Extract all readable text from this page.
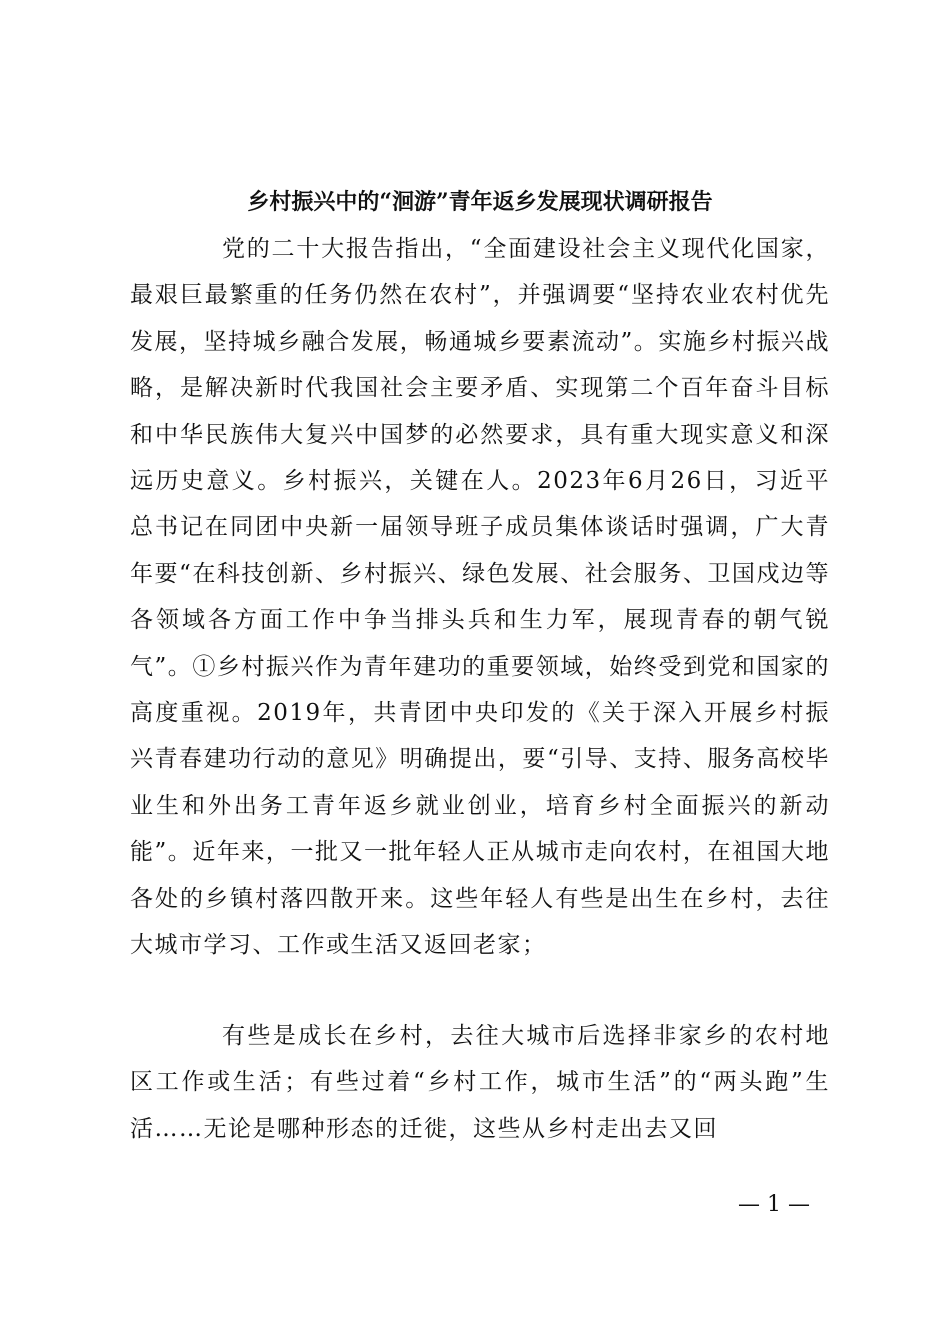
乡村振兴中的“洄游”青年返乡发展现状调研报告

党的二十大报告指出，“全面建设社会主义现代化国家，最艰巨最繁重的任务仍然在农村”，并强调要“坚持农业农村优先发展，坚持城乡融合发展，畅通城乡要素流动”。实施乡村振兴战略，是解决新时代我国社会主要矛盾、实现第二个百年奋斗目标和中华民族伟大复兴中国梦的必然要求，具有重大现实意义和深远历史意义。乡村振兴，关键在人。2023年6月26日，习近平总书记在同团中央新一届领导班子成员集体谈话时强调，广大青年要“在科技创新、乡村振兴、绿色发展、社会服务、卫国戍边等各领域各方面工作中争当排头兵和生力军，展现青春的朝气锐气”。①乡村振兴作为青年建功的重要领域，始终受到党和国家的高度重视。2019年，共青团中央印发的《关于深入开展乡村振兴青春建功行动的意见》明确提出，要“引导、支持、服务高校毕业生和外出务工青年返乡就业创业，培育乡村全面振兴的新动能”。近年来，一批又一批年轻人正从城市走向农村，在祖国大地各处的乡镇村落四散开来。这些年轻人有些是出生在乡村，去往大城市学习、工作或生活又返回老家；

有些是成长在乡村，去往大城市后选择非家乡的农村地区工作或生活；有些过着“乡村工作，城市生活”的“两头跑”生活……无论是哪种形态的迁徙，这些从乡村走出去又回

— 1 —
